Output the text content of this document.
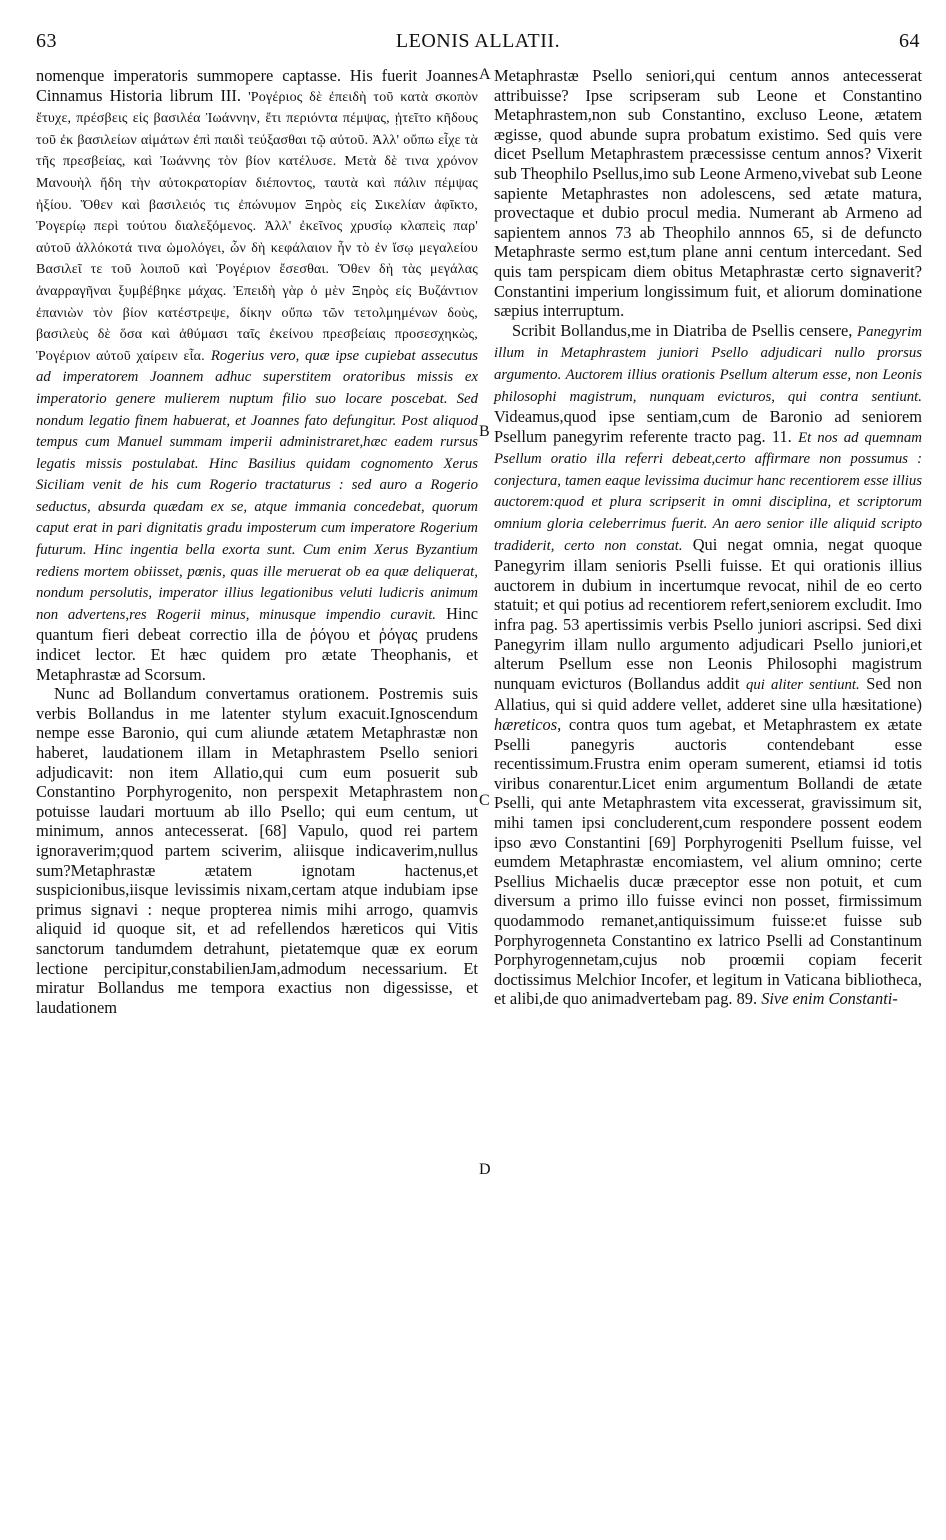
63	LEONIS ALLATII.	64

nomenque imperatoris summopere captasse. His fuerit Joannes Cinnamus Historia librum III. 'Ρογέριος δὲ ἐπειδὴ τοῦ κατὰ σκοπὸν ἔτυχε, πρέσβεις εἰς βασιλέα Ἰωάννην, ἔτι περιόντα πέμψας, ᾐτεῖτο κῆδους τοῦ ἐκ βασιλείων αἱμάτων ἐπὶ παιδὶ τεύξασθαι τῷ αὐτοῦ. Ἀλλ' οὔπω εἶχε τὰ τῆς πρεσβείας, καὶ Ἰωάννης τὸν βίον κατέλυσε. Μετὰ δὲ τινα χρόνον Μανουὴλ ἤδη τὴν αὐτοκρατορίαν διέποντος, ταυτὰ καὶ πάλιν πέμψας ἠξίου. Ὅθεν καὶ βασιλειός τις ἐπώνυμον Ξηρὸς εἰς Σικελίαν ἀφῖκτο, Ῥογερίῳ περὶ τούτου διαλεξόμενος. Ἀλλ' ἐκεῖνος χρυσίῳ κλαπεὶς παρ' αὐτοῦ ἀλλόκοτά τινα ὡμολόγει, ὧν δὴ κεφάλαιον ἦν τὸ ἐν ἴσῳ μεγαλείου Βασιλεῖ τε τοῦ λοιποῦ καὶ Ῥογέριον ἔσεσθαι. Ὅθεν δὴ τὰς μεγάλας ἀναρραγῆναι ξυμβέβηκε μάχας. Ἐπειδὴ γὰρ ὁ μὲν Ξηρὸς εἰς Βυζάντιον ἐπανιὼν τὸν βίον κατέστρεψε, δίκην οὔπω τῶν τετολμημένων δοὺς, βασιλεὺς δὲ ὅσα καὶ ἀθύμασι ταῖς ἐκείνου πρεσβείαις προσεσχηκὼς, Ῥογέριον αὐτοῦ χαίρειν εἶα. Rogerius vero, quæ ipse cupiebat assecutus ad imperatorem Joannem adhuc superstitem oratoribus missis ex imperatorio genere mulierem nuptum filio suo locare poscebat. Sed nondum legatio finem habuerat, et Joannes fato defungitur. Post aliquod tempus cum Manuel summam imperii administraret,hæc eadem rursus legatis missis postulabat. Hinc Basilius quidam cognomento Xerus Siciliam venit de his cum Rogerio tractaturus : sed auro a Rogerio seductus, absurda quædam ex se, atque immania concedebat, quorum caput erat in pari dignitatis gradu imposterum cum imperatore Rogerium futurum. Hinc ingentia bella exorta sunt. Cum enim Xerus Byzantium rediens mortem obiisset, pœnis, quas ille meruerat ob ea quæ deliquerat, nondum persolutis, imperator illius legationibus veluti ludicris animum non advertens,res Rogerii minus, minusque impendio curavit. Hinc quantum fieri debeat correctio illa de ῥόγου et ῥόγας prudens indicet lector. Et hæc quidem pro ætate Theophanis, et Metaphrastæ ad Scorsum.

Nunc ad Bollandum convertamus orationem. Postremis suis verbis Bollandus in me latenter stylum exacuit.Ignoscendum nempe esse Baronio, qui cum aliunde ætatem Metaphrastæ non haberet, laudationem illam in Metaphrastem Psello seniori adjudicavit: non item Allatio,qui cum eum posuerit sub Constantino Porphyrogenito, non perspexit Metaphrastem non potuisse laudari mortuum ab illo Psello; qui eum centum, ut minimum, annos antecesserat. [68] Vapulo, quod rei partem ignoraverim;quod partem sciverim, aliisque indicaverim,nullus sum?Metaphrastæ ætatem ignotam hactenus,et suspicionibus,iisque levissimis nixam,certam atque indubiam ipse primus signavi : neque propterea nimis mihi arrogo, quamvis aliquid id quoque sit, et ad refellendos hæreticos qui Vitis sanctorum tandumdem detrahunt, pietatemque quæ ex eorum lectione percipitur,constabilienJam,admodum necessarium. Et miratur Bollandus me tempora exactius non digessisse, et laudationem

A
B
C
D

Metaphrastæ Psello seniori,qui centum annos antecesserat attribuisse? Ipse scripseram sub Leone et Constantino Metaphrastem,non sub Constantino, excluso Leone, ætatem ægisse, quod abunde supra probatum existimo. Sed quis vere dicet Psellum Metaphrastem præcessisse centum annos? Vixerit sub Theophilo Psellus,imo sub Leone Armeno,vivebat sub Leone sapiente Metaphrastes non adolescens, sed ætate matura, provectaque et dubio procul media. Numerant ab Armeno ad sapientem annos 73 ab Theophilo annnos 65, si de defuncto Metaphraste sermo est,tum plane anni centum intercedant. Sed quis tam perspicam diem obitus Metaphrastæ certo signaverit? Constantini imperium longissimum fuit, et aliorum dominatione sæpius interruptum.

Scribit Bollandus,me in Diatriba de Psellis censere, Panegyrim illum in Metaphrastem juniori Psello adjudicari nullo prorsus argumento. Auctorem illius orationis Psellum alterum esse, non Leonis philosophi magistrum, nunquam evicturos, qui contra sentiunt. Videamus,quod ipse sentiam,cum de Baronio ad seniorem Psellum panegyrim referente tracto pag. 11. Et nos ad quemnam Psellum oratio illa referri debeat,certo affirmare non possumus : conjectura, tamen eaque levissima ducimur hanc recentiorem esse illius auctorem:quod et plura scripserit in omni disciplina, et scriptorum omnium gloria celeberrimus fuerit. An aero senior ille aliquid scripto tradiderit, certo non constat. Qui negat omnia, negat quoque Panegyrim illam senioris Pselli fuisse. Et qui orationis illius auctorem in dubium in incertumque revocat, nihil de eo certo statuit; et qui potius ad recentiorem refert,seniorem excludit. Imo infra pag. 53 apertissimis verbis Psello juniori ascripsi. Sed dixi Panegyrim illam nullo argumento adjudicari Psello juniori,et alterum Psellum esse non Leonis Philosophi magistrum nunquam evicturos (Bollandus addit qui aliter sentiunt. Sed non Allatius, qui si quid addere vellet, adderet sine ulla hæsitatione) hæreticos, contra quos tum agebat, et Metaphrastem ex ætate Pselli panegyris auctoris contendebant esse recentissimum.Frustra enim operam sumerent, etiamsi id totis viribus conarentur.Licet enim argumentum Bollandi de ætate Pselli, qui ante Metaphrastem vita excesserat, gravissimum sit, mihi tamen ipsi concluderent,cum respondere possent eodem ipso ævo Constantini [69] Porphyrogeniti Psellum fuisse, vel eumdem Metaphrastæ encomiastem, vel alium omnino; certe Psellius Michaelis ducæ præceptor esse non potuit, et cum diversum a primo illo fuisse evinci non posset, firmissimum quodammodo remanet,antiquissimum fuisse:et fuisse sub Porphyrogenneta Constantino ex latrico Pselli ad Constantinum Porphyrogennetam,cujus nob proœmii copiam fecerit doctissimus Melchior Incofer, et legitum in Vaticana bibliotheca, et alibi,de quo animadvertebam pag. 89. Sive enim Constanti-
